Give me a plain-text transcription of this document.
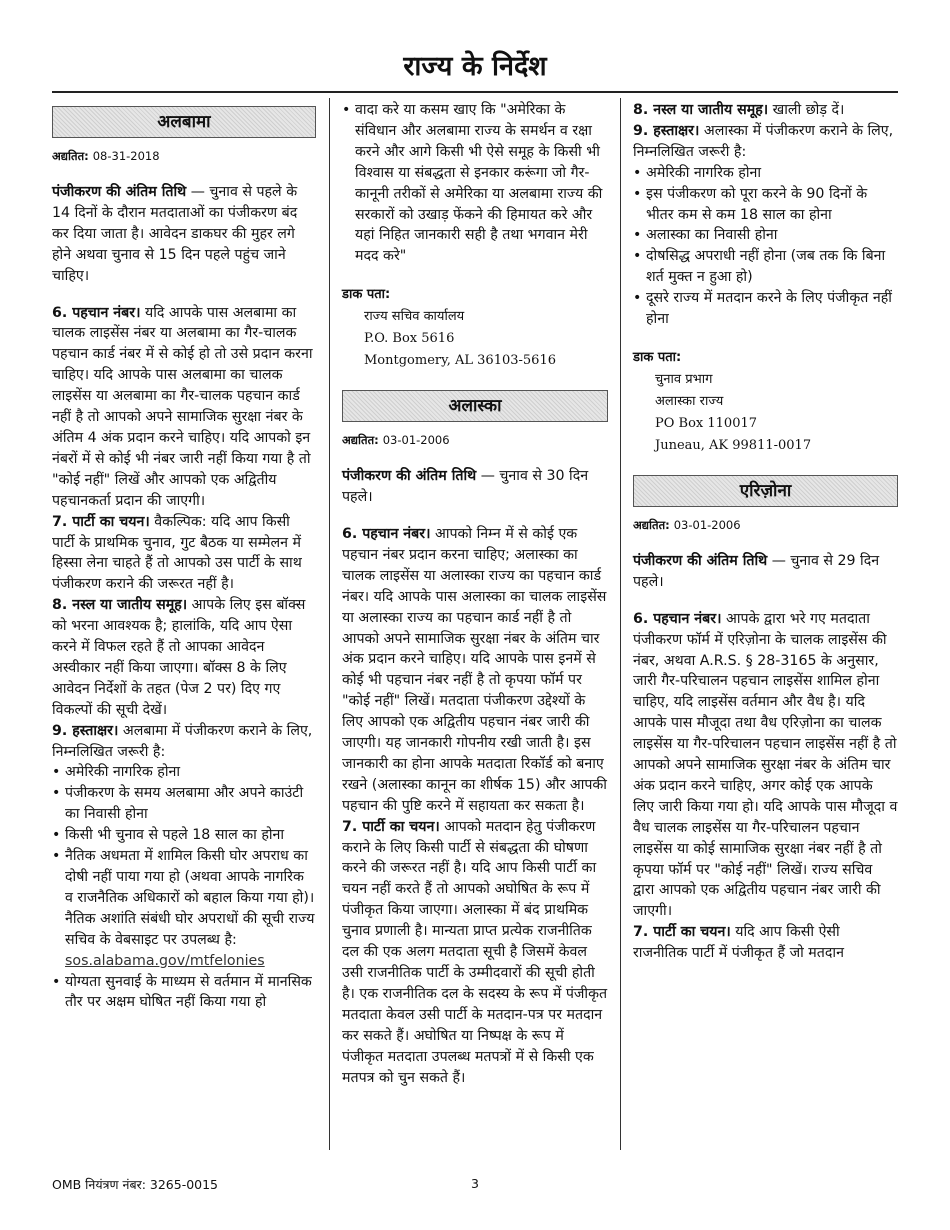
राज्य के निर्देश
अलबामा

अद्यतित: 08-31-2018

पंजीकरण की अंतिम तिथि — चुनाव से पहले के 14 दिनों के दौरान मतदाताओं का पंजीकरण बंद कर दिया जाता है। आवेदन डाकघर की मुहर लगे होने अथवा चुनाव से 15 दिन पहले पहुंच जाने चाहिए।

6. पहचान नंबर। यदि आपके पास अलबामा का चालक लाइसेंस नंबर या अलबामा का गैर-चालक पहचान कार्ड नंबर में से कोई हो तो उसे प्रदान करना चाहिए। यदि आपके पास अलबामा का चालक लाइसेंस या अलबामा का गैर-चालक पहचान कार्ड नहीं है तो आपको अपने सामाजिक सुरक्षा नंबर के अंतिम 4 अंक प्रदान करने चाहिए। यदि आपको इन नंबरों में से कोई भी नंबर जारी नहीं किया गया है तो "कोई नहीं" लिखें और आपको एक अद्वितीय पहचानकर्ता प्रदान की जाएगी।

7. पार्टी का चयन। वैकल्पिक: यदि आप किसी पार्टी के प्राथमिक चुनाव, गुट बैठक या सम्मेलन में हिस्सा लेना चाहते हैं तो आपको उस पार्टी के साथ पंजीकरण कराने की जरूरत नहीं है।

8. नस्ल या जातीय समूह। आपके लिए इस बॉक्स को भरना आवश्यक है; हालांकि, यदि आप ऐसा करने में विफल रहते हैं तो आपका आवेदन अस्वीकार नहीं किया जाएगा। बॉक्स 8 के लिए आवेदन निर्देशों के तहत (पेज 2 पर) दिए गए विकल्पों की सूची देखें।

9. हस्ताक्षर। अलबामा में पंजीकरण कराने के लिए, निम्नलिखित जरूरी है:

• अमेरिकी नागरिक होना
• पंजीकरण के समय अलबामा और अपने काउंटी का निवासी होना
• किसी भी चुनाव से पहले 18 साल का होना
• नैतिक अधमता में शामिल किसी घोर अपराध का दोषी नहीं पाया गया हो (अथवा आपके नागरिक व राजनैतिक अधिकारों को बहाल किया गया हो)। नैतिक अशांति संबंधी घोर अपराधों की सूची राज्य सचिव के वेबसाइट पर उपलब्ध है: sos.alabama.gov/mtfelonies
• योग्यता सुनवाई के माध्यम से वर्तमान में मानसिक तौर पर अक्षम घोषित नहीं किया गया हो
• वादा करे या कसम खाए कि "अमेरिका के संविधान और अलबामा राज्य के समर्थन व रक्षा करने और आगे किसी भी ऐसे समूह के किसी भी विश्वास या संबद्धता से इनकार करूंगा जो गैर-कानूनी तरीकों से अमेरिका या अलबामा राज्य की सरकारों को उखाड़ फेंकने की हिमायत करे और यहां निहित जानकारी सही है तथा भगवान मेरी मदद करे"

डाक पता:

राज्य सचिव कार्यालय
P.O. Box 5616
Montgomery, AL 36103-5616
अलास्का

अद्यतित: 03-01-2006

पंजीकरण की अंतिम तिथि — चुनाव से 30 दिन पहले।

6. पहचान नंबर। आपको निम्न में से कोई एक पहचान नंबर प्रदान करना चाहिए; अलास्का का चालक लाइसेंस या अलास्का राज्य का पहचान कार्ड नंबर। यदि आपके पास अलास्का का चालक लाइसेंस या अलास्का राज्य का पहचान कार्ड नहीं है तो आपको अपने सामाजिक सुरक्षा नंबर के अंतिम चार अंक प्रदान करने चाहिए। यदि आपके पास इनमें से कोई भी पहचान नंबर नहीं है तो कृपया फॉर्म पर "कोई नहीं" लिखें। मतदाता पंजीकरण उद्देश्यों के लिए आपको एक अद्वितीय पहचान नंबर जारी की जाएगी। यह जानकारी गोपनीय रखी जाती है। इस जानकारी का होना आपके मतदाता रिकॉर्ड को बनाए रखने (अलास्का कानून का शीर्षक 15) और आपकी पहचान की पुष्टि करने में सहायता कर सकता है।

7. पार्टी का चयन। आपको मतदान हेतु पंजीकरण कराने के लिए किसी पार्टी से संबद्धता की घोषणा करने की जरूरत नहीं है। यदि आप किसी पार्टी का चयन नहीं करते हैं तो आपको अघोषित के रूप में पंजीकृत किया जाएगा। अलास्का में बंद प्राथमिक चुनाव प्रणाली है। मान्यता प्राप्त प्रत्येक राजनीतिक दल की एक अलग मतदाता सूची है जिसमें केवल उसी राजनीतिक पार्टी के उम्मीदवारों की सूची होती है। एक राजनीतिक दल के सदस्य के रूप में पंजीकृत मतदाता केवल उसी पार्टी के मतदान-पत्र पर मतदान कर सकते हैं। अघोषित या निष्पक्ष के रूप में पंजीकृत मतदाता उपलब्ध मतपत्रों में से किसी एक मतपत्र को चुन सकते हैं।

8. नस्ल या जातीय समूह। खाली छोड़ दें।

9. हस्ताक्षर। अलास्का में पंजीकरण कराने के लिए, निम्नलिखित जरूरी है:

• अमेरिकी नागरिक होना
• इस पंजीकरण को पूरा करने के 90 दिनों के भीतर कम से कम 18 साल का होना
• अलास्का का निवासी होना
• दोषसिद्ध अपराधी नहीं होना (जब तक कि बिना शर्त मुक्त न हुआ हो)
• दूसरे राज्य में मतदान करने के लिए पंजीकृत नहीं होना

डाक पता:

चुनाव प्रभाग
अलास्का राज्य
PO Box 110017
Juneau, AK 99811-0017
एरिज़ोना

अद्यतित: 03-01-2006

पंजीकरण की अंतिम तिथि — चुनाव से 29 दिन पहले।

6. पहचान नंबर। आपके द्वारा भरे गए मतदाता पंजीकरण फॉर्म में एरिज़ोना के चालक लाइसेंस की नंबर, अथवा A.R.S. § 28-3165 के अनुसार, जारी गैर-परिचालन पहचान लाइसेंस शामिल होना चाहिए, यदि लाइसेंस वर्तमान और वैध है। यदि आपके पास मौजूदा तथा वैध एरिज़ोना का चालक लाइसेंस या गैर-परिचालन पहचान लाइसेंस नहीं है तो आपको अपने सामाजिक सुरक्षा नंबर के अंतिम चार अंक प्रदान करने चाहिए, अगर कोई एक आपके लिए जारी किया गया हो। यदि आपके पास मौजूदा व वैध चालक लाइसेंस या गैर-परिचालन पहचान लाइसेंस या कोई सामाजिक सुरक्षा नंबर नहीं है तो कृपया फॉर्म पर "कोई नहीं" लिखें। राज्य सचिव द्वारा आपको एक अद्वितीय पहचान नंबर जारी की जाएगी।

7. पार्टी का चयन। यदि आप किसी ऐसी राजनीतिक पार्टी में पंजीकृत हैं जो मतदान

OMB नियंत्रण नंबर: 3265-0015	3
